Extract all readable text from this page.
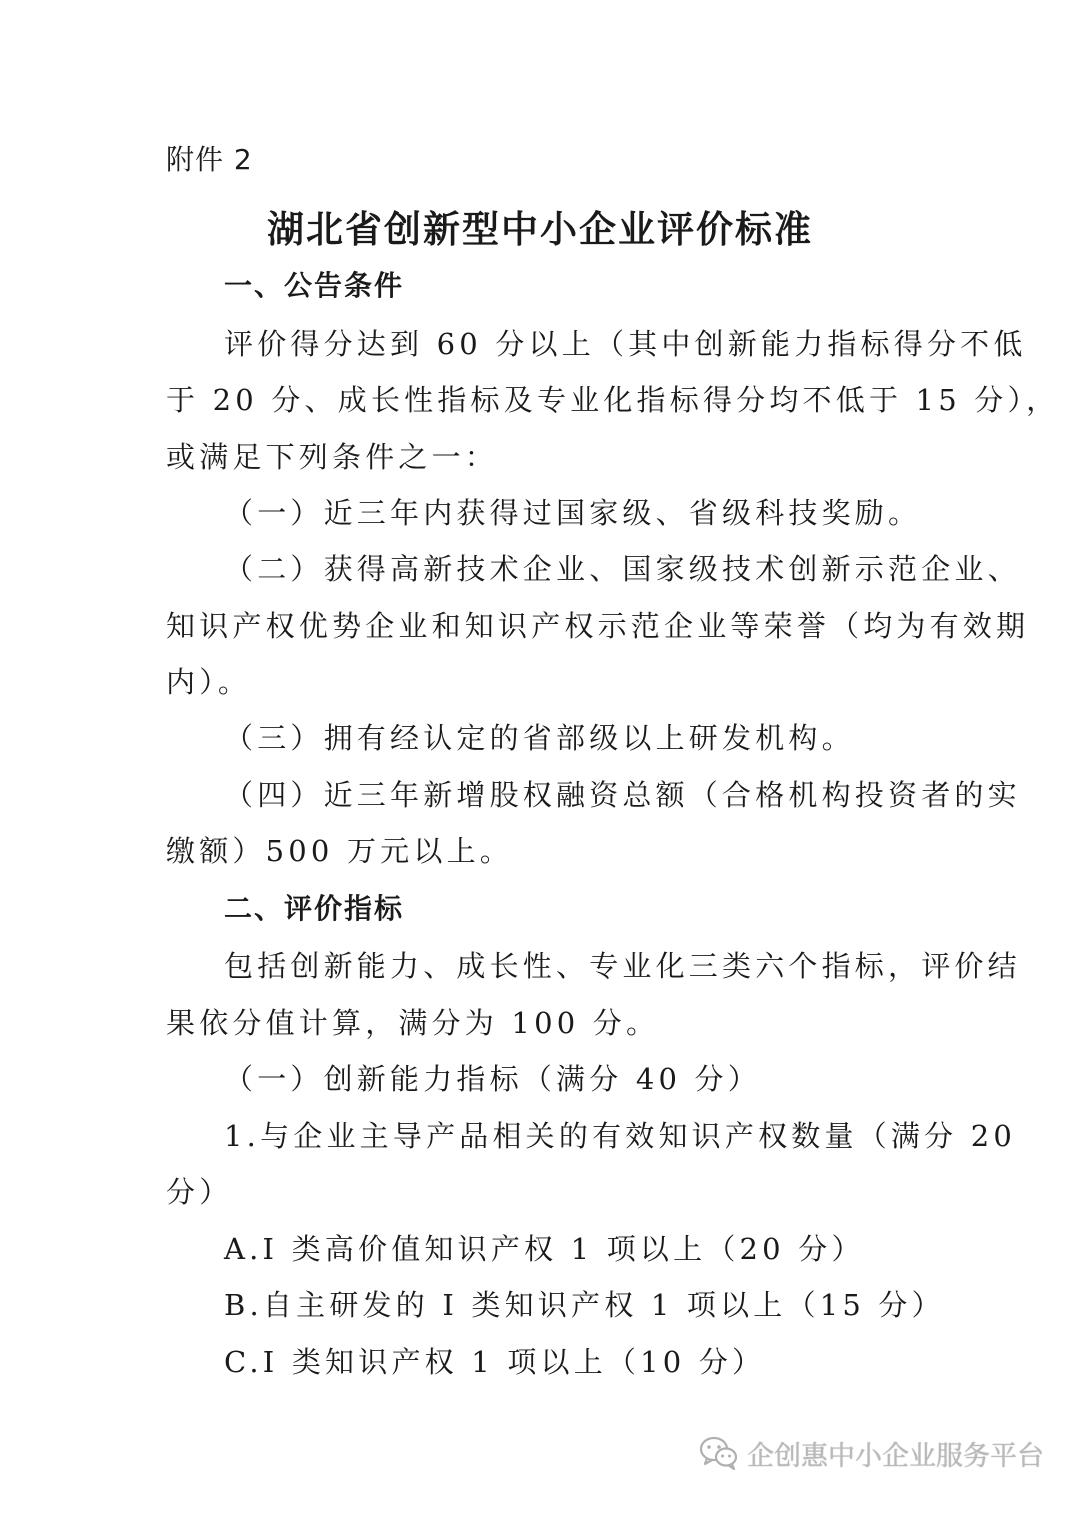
附件 2
湖北省创新型中小企业评价标准
一、公告条件
评价得分达到 60 分以上（其中创新能力指标得分不低
于 20 分、成长性指标及专业化指标得分均不低于 15 分），
或满足下列条件之一：
（一）近三年内获得过国家级、省级科技奖励。
（二）获得高新技术企业、国家级技术创新示范企业、
知识产权优势企业和知识产权示范企业等荣誉（均为有效期
内）。
（三）拥有经认定的省部级以上研发机构。
（四）近三年新增股权融资总额（合格机构投资者的实
缴额）500 万元以上。
二、评价指标
包括创新能力、成长性、专业化三类六个指标，评价结
果依分值计算，满分为 100 分。
（一）创新能力指标（满分 40 分）
1.与企业主导产品相关的有效知识产权数量（满分 20
分）
A.I 类高价值知识产权 1 项以上（20 分）
B.自主研发的 I 类知识产权 1 项以上（15 分）
C.I 类知识产权 1 项以上（10 分）
企创惠中小企业服务平台
